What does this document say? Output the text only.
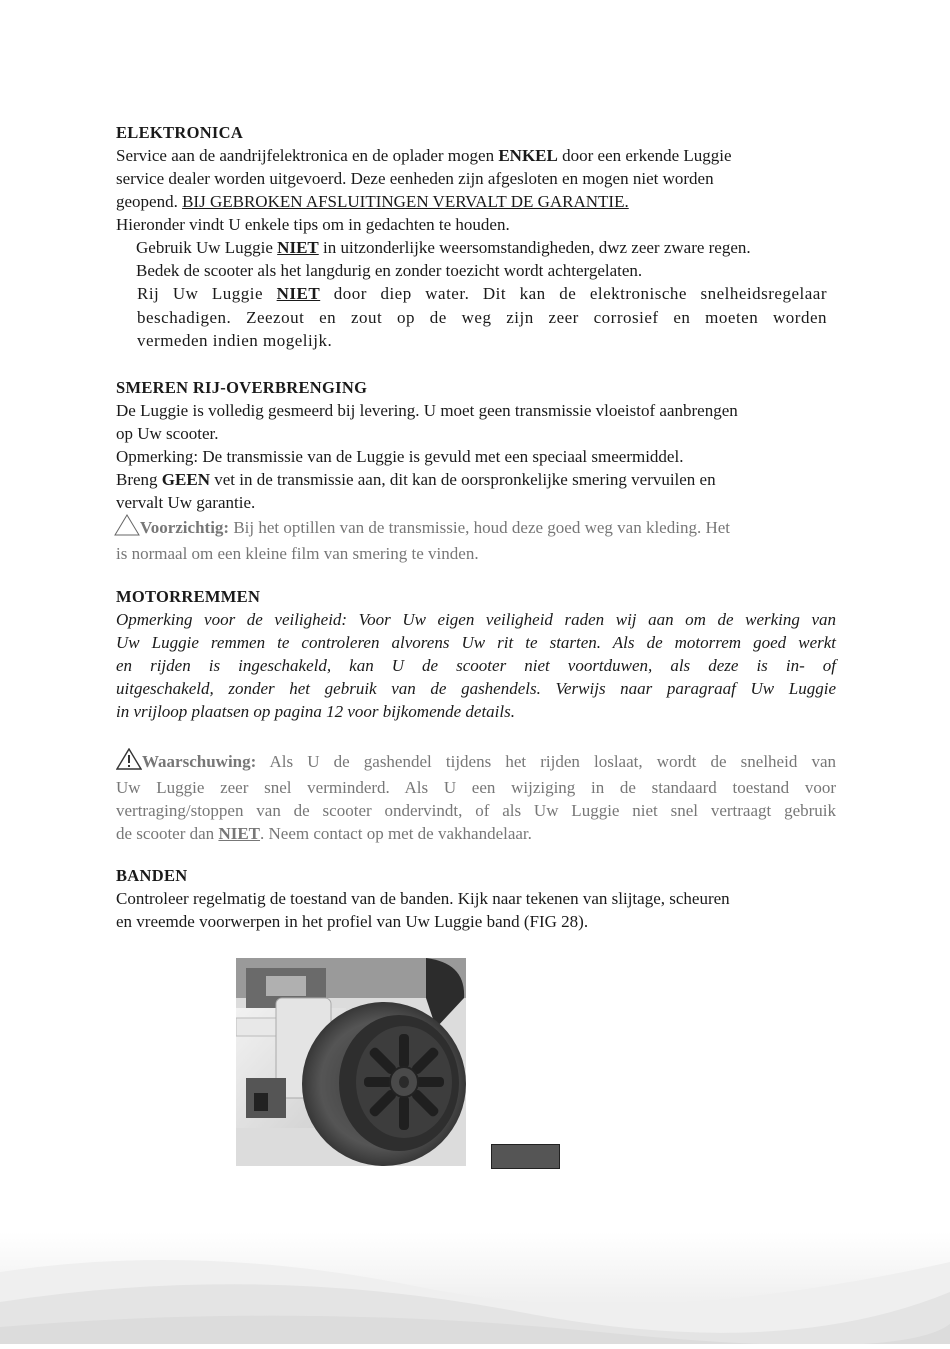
ELEKTRONICA
Service aan de aandrijfelektronica en de oplader mogen ENKEL door een erkende Luggie
service dealer worden uitgevoerd. Deze eenheden zijn afgesloten en mogen niet worden
geopend. BIJ GEBROKEN AFSLUITINGEN VERVALT DE GARANTIE.
Hieronder vindt U enkele tips om in gedachten te houden.
Gebruik Uw Luggie NIET in uitzonderlijke weersomstandigheden, dwz zeer zware regen.
Bedek de scooter als het langdurig en zonder toezicht wordt achtergelaten.
Rij Uw Luggie NIET door diep water. Dit kan de elektronische snelheidsregelaar
beschadigen. Zeezout en zout op de weg zijn zeer corrosief en moeten worden
vermeden indien mogelijk.
SMEREN RIJ-OVERBRENGING
De Luggie is volledig gesmeerd bij levering. U moet geen transmissie vloeistof aanbrengen
op Uw scooter.
Opmerking: De transmissie van de Luggie is gevuld met een speciaal smeermiddel.
Breng GEEN vet in de transmissie aan, dit kan de oorspronkelijke smering vervuilen en
vervalt Uw garantie.
Voorzichtig: Bij het optillen van de transmissie, houd deze goed weg van kleding. Het
is normaal om een kleine film van smering te vinden.
MOTORREMMEN
Opmerking voor de veiligheid: Voor Uw eigen veiligheid raden wij aan om de werking van
Uw Luggie remmen te controleren alvorens Uw rit te starten. Als de motorrem goed werkt
en rijden is ingeschakeld, kan U de scooter niet voortduwen, als deze is in- of
uitgeschakeld, zonder het gebruik van de gashendels. Verwijs naar paragraaf Uw Luggie
in vrijloop plaatsen op pagina 12 voor bijkomende details.
Waarschuwing: Als U de gashendel tijdens het rijden loslaat, wordt de snelheid van
Uw Luggie zeer snel verminderd. Als U een wijziging in de standaard toestand voor
vertraging/stoppen van de scooter ondervindt, of als Uw Luggie niet snel vertraagt gebruik
de scooter dan NIET. Neem contact op met de vakhandelaar.
BANDEN
Controleer regelmatig de toestand van de banden. Kijk naar tekenen van slijtage, scheuren
en vreemde voorwerpen in het profiel van Uw Luggie band (FIG 28).
